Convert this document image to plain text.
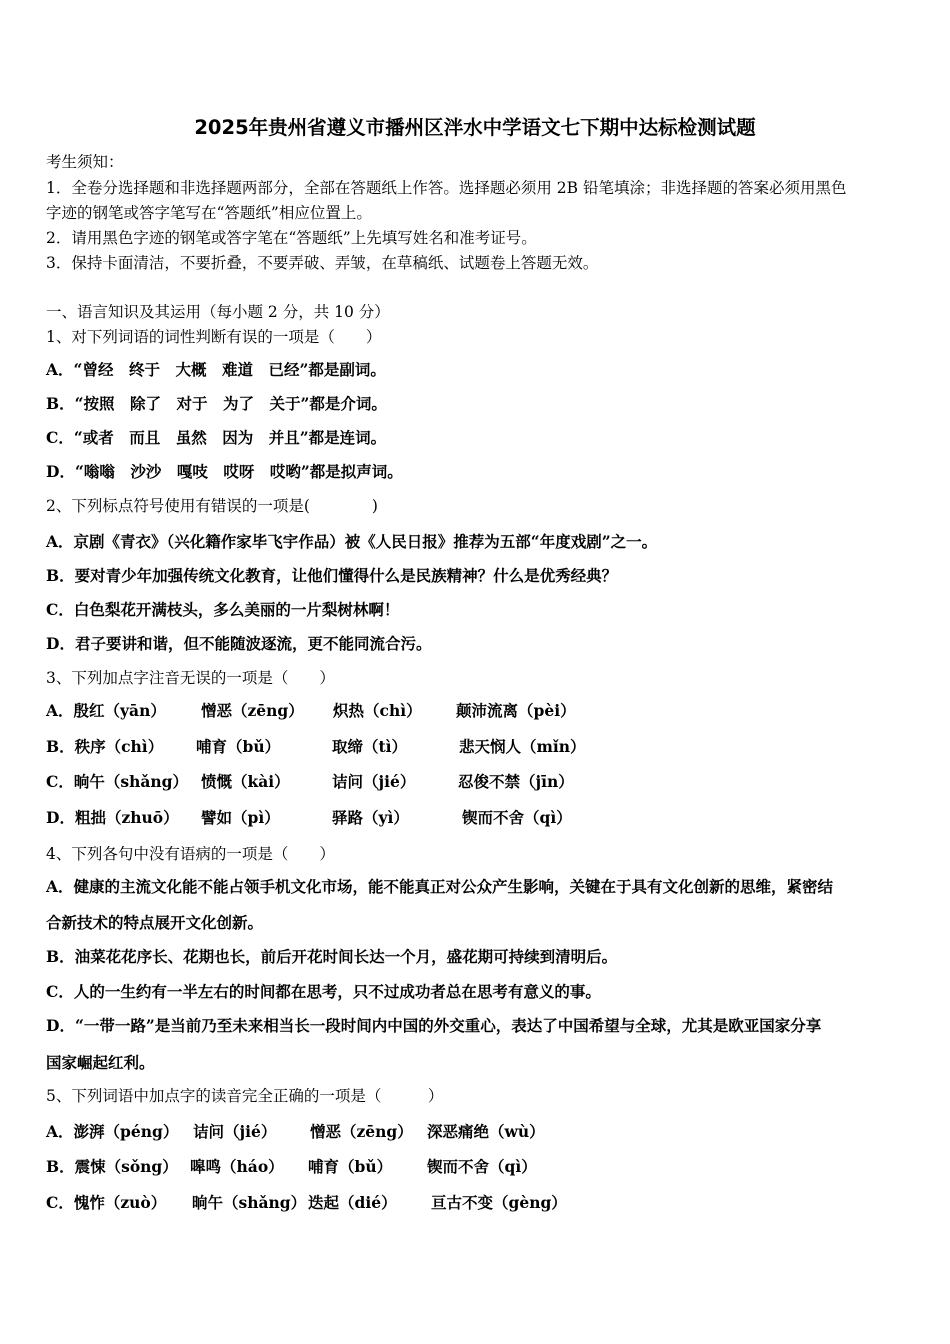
2025年贵州省遵义市播州区泮水中学语文七下期中达标检测试题
考生须知：
1．全卷分选择题和非选择题两部分，全部在答题纸上作答。选择题必须用 2B 铅笔填涂；非选择题的答案必须用黑色
字迹的钢笔或答字笔写在“答题纸”相应位置上。
2．请用黑色字迹的钢笔或答字笔在“答题纸”上先填写姓名和准考证号。
3．保持卡面清洁，不要折叠，不要弄破、弄皱，在草稿纸、试题卷上答题无效。
一、语言知识及其运用（每小题 2 分，共 10 分）
1、对下列词语的词性判断有误的一项是（　　）
A．“曾经　终于　大概　难道　已经”都是副词。
B．“按照　除了　对于　为了　关于”都是介词。
C．“或者　而且　虽然　因为　并且”都是连词。
D．“嗡嗡　沙沙　嘎吱　哎呀　哎哟”都是拟声词。
2、下列标点符号使用有错误的一项是(　　　　)
A．京剧《青衣》（兴化籍作家毕飞宇作品）被《人民日报》推荐为五部“年度戏剧”之一。
B．要对青少年加强传统文化教育，让他们懂得什么是民族精神？什么是优秀经典？
C．白色梨花开满枝头，多么美丽的一片梨树林啊！
D．君子要讲和谐，但不能随波逐流，更不能同流合污。
3、下列加点字注音无误的一项是（　　）
A．殷红（yān） 憎恶（zēng） 炽热（chì） 颠沛流离（pèi）
B．秩序（chì） 哺育（bǔ）	取缔（tì）	悲天悯人（mǐn）
C．晌午（shǎng） 愤慨（kài）	诘问（jié）	忍俊不禁（jīn）
D．粗拙（zhuō） 譬如（pì）	驿路（yì）	锲而不舍（qì）
4、下列各句中没有语病的一项是（　　）
A．健康的主流文化能不能占领手机文化市场，能不能真正对公众产生影响，关键在于具有文化创新的思维，紧密结
合新技术的特点展开文化创新。
B．油菜花花序长、花期也长，前后开花时间长达一个月，盛花期可持续到清明后。
C．人的一生约有一半左右的时间都在思考，只不过成功者总在思考有意义的事。
D．“一带一路”是当前乃至未来相当长一段时间内中国的外交重心，表达了中国希望与全球，尤其是欧亚国家分享
国家崛起红利。
5、下列词语中加点字的读音完全正确的一项是（　　　）
A．澎湃（péng） 诘问（jié） 憎恶（zēng） 深恶痛绝（wù）
B．震悚（sǒng） 嗥鸣（háo） 哺育（bǔ） 锲而不舍（qì）
C．愧怍（zuò） 晌午（shǎng） 迭起（dié） 亘古不变（gèng）
